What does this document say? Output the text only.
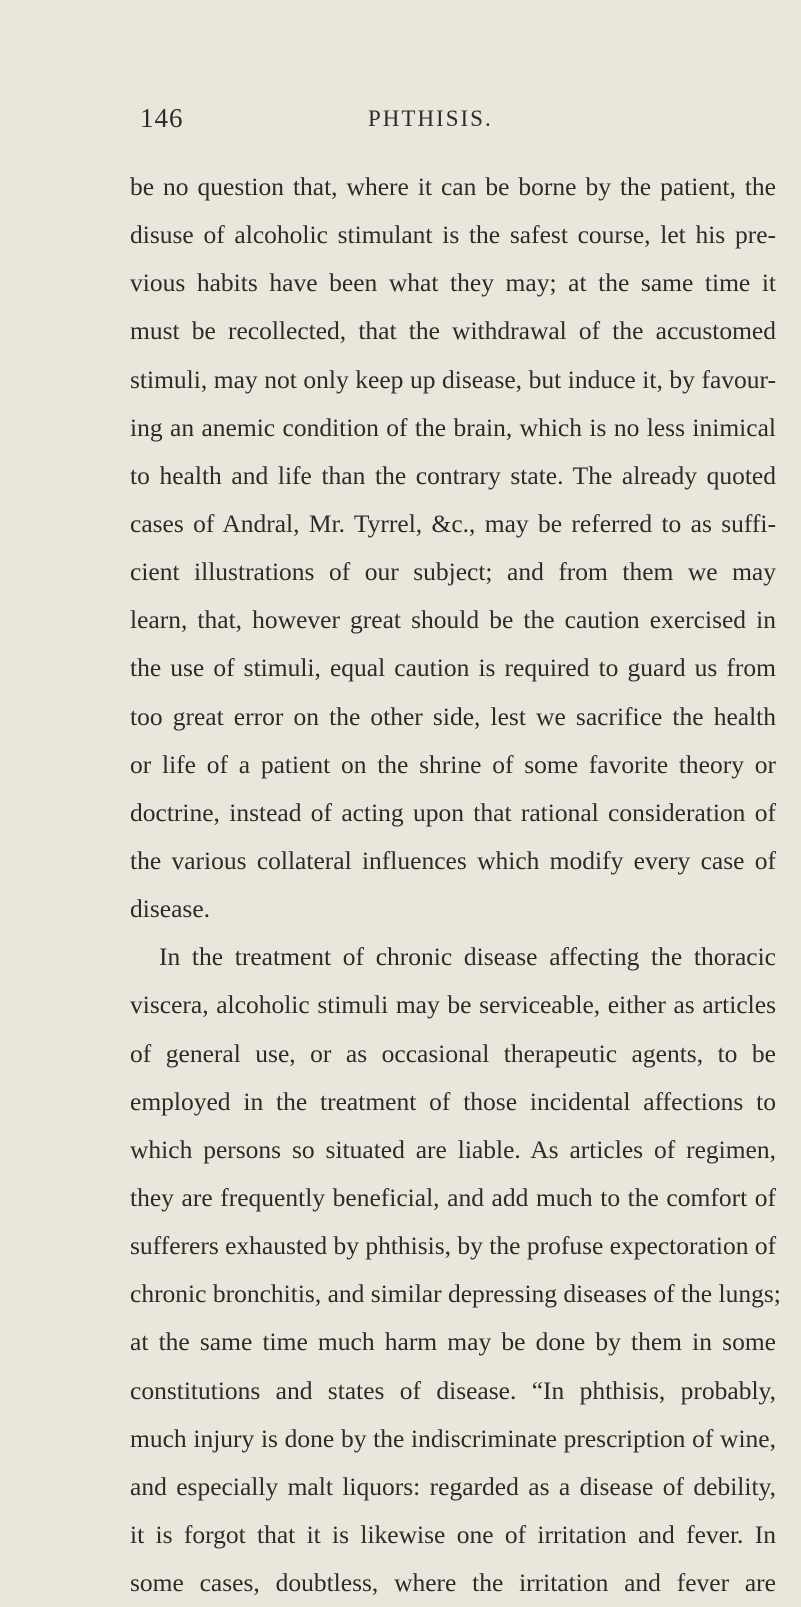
146	PHTHISIS.
be no question that, where it can be borne by the patient, the
disuse of alcoholic stimulant is the safest course, let his pre-
vious habits have been what they may; at the same time it
must be recollected, that the withdrawal of the accustomed
stimuli, may not only keep up disease, but induce it, by favour-
ing an anemic condition of the brain, which is no less inimical
to health and life than the contrary state. The already quoted
cases of Andral, Mr. Tyrrel, &c., may be referred to as suffi-
cient illustrations of our subject; and from them we may
learn, that, however great should be the caution exercised in
the use of stimuli, equal caution is required to guard us from
too great error on the other side, lest we sacrifice the health
or life of a patient on the shrine of some favorite theory or
doctrine, instead of acting upon that rational consideration of
the various collateral influences which modify every case of
disease.
In the treatment of chronic disease affecting the thoracic
viscera, alcoholic stimuli may be serviceable, either as articles
of general use, or as occasional therapeutic agents, to be
employed in the treatment of those incidental affections to
which persons so situated are liable. As articles of regimen,
they are frequently beneficial, and add much to the comfort of
sufferers exhausted by phthisis, by the profuse expectoration of
chronic bronchitis, and similar depressing diseases of the lungs;
at the same time much harm may be done by them in some
constitutions and states of disease. “In phthisis, probably,
much injury is done by the indiscriminate prescription of wine,
and especially malt liquors: regarded as a disease of debility,
it is forgot that it is likewise one of irritation and fever. In
some cases, doubtless, where the irritation and fever are
